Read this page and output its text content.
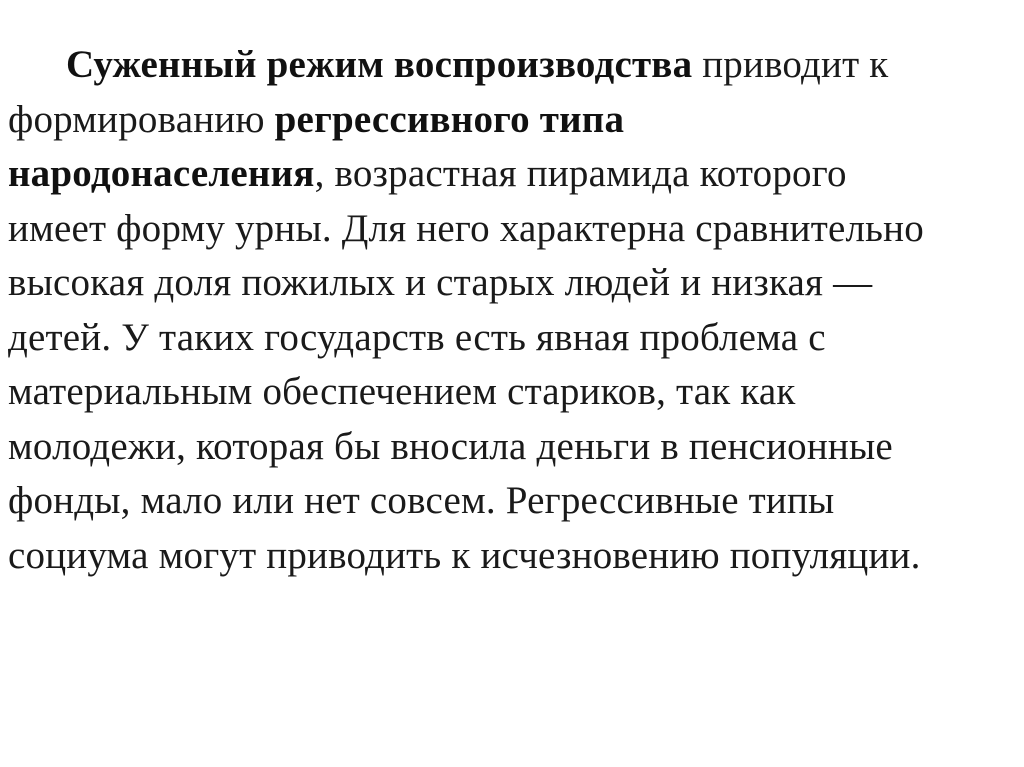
Суженный режим воспроизводства приводит к
формированию регрессивного типа
народонаселения, возрастная пирамида которого
имеет форму урны. Для него характерна сравнительно
высокая доля пожилых и старых людей и низкая —
детей. У таких государств есть явная проблема с
материальным обеспечением стариков, так как
молодежи, которая бы вносила деньги в пенсионные
фонды, мало или нет совсем. Регрессивные типы
социума могут приводить к исчезновению популяции.
